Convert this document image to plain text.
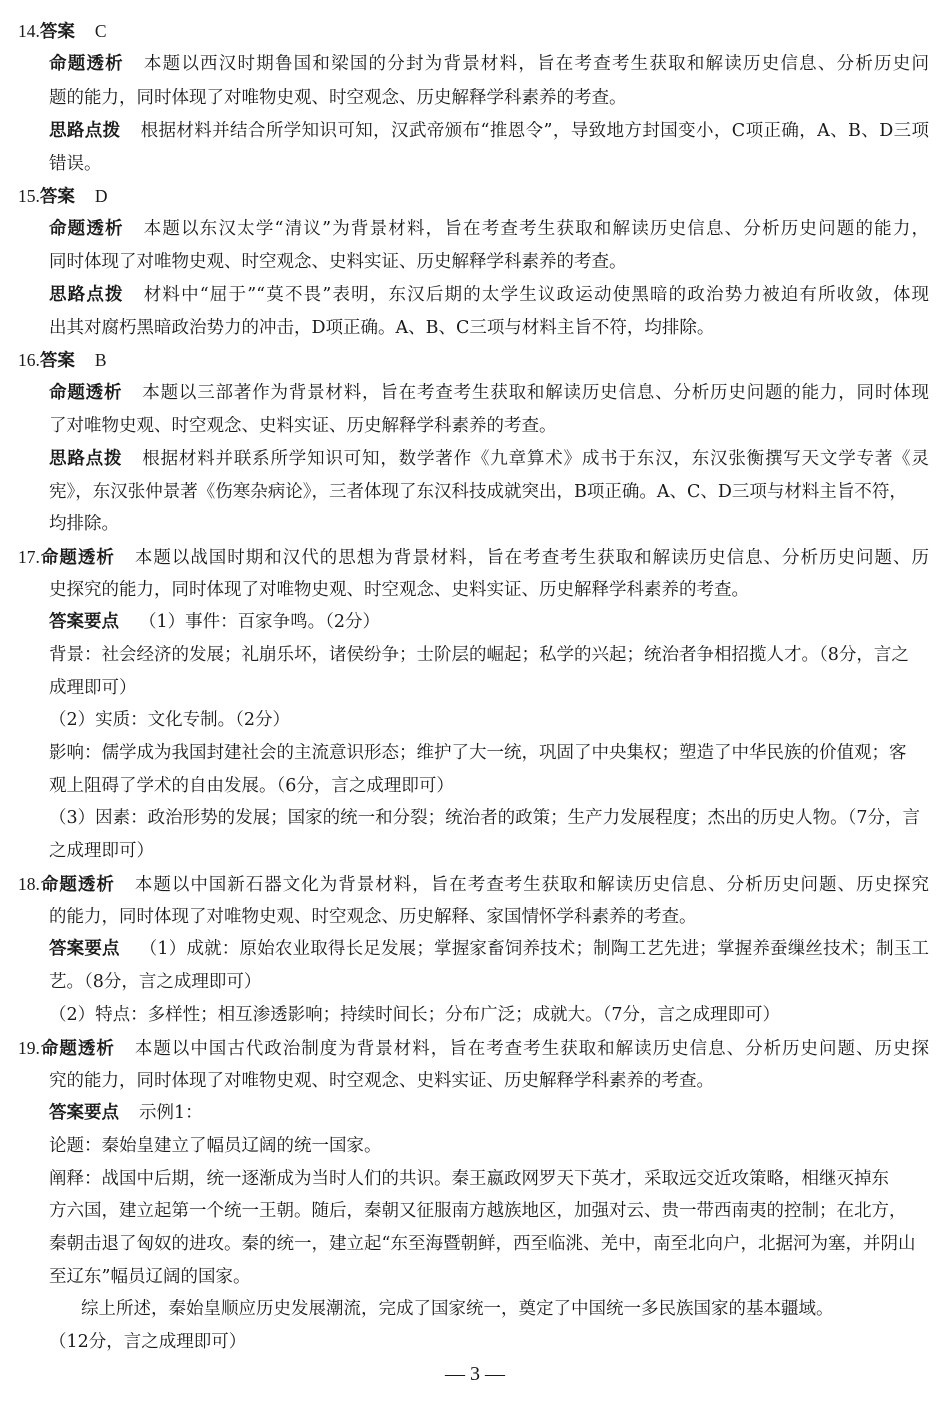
14.答案 C
命题透析 本题以西汉时期鲁国和梁国的分封为背景材料，旨在考查考生获取和解读历史信息、分析历史问
题的能力，同时体现了对唯物史观、时空观念、历史解释学科素养的考查。
思路点拨 根据材料并结合所学知识可知，汉武帝颁布“推恩令”，导致地方封国变小，C项正确，A、B、D三项
错误。
15.答案 D
命题透析 本题以东汉太学“清议”为背景材料，旨在考查考生获取和解读历史信息、分析历史问题的能力，
同时体现了对唯物史观、时空观念、史料实证、历史解释学科素养的考查。
思路点拨 材料中“屈于”“莫不畏”表明，东汉后期的太学生议政运动使黑暗的政治势力被迫有所收敛，体现
出其对腐朽黑暗政治势力的冲击，D项正确。A、B、C三项与材料主旨不符，均排除。
16.答案 B
命题透析 本题以三部著作为背景材料，旨在考查考生获取和解读历史信息、分析历史问题的能力，同时体现
了对唯物史观、时空观念、史料实证、历史解释学科素养的考查。
思路点拨 根据材料并联系所学知识可知，数学著作《九章算术》成书于东汉，东汉张衡撰写天文学专著《灵
宪》，东汉张仲景著《伤寒杂病论》，三者体现了东汉科技成就突出，B项正确。A、C、D三项与材料主旨不符，
均排除。
17.命题透析 本题以战国时期和汉代的思想为背景材料，旨在考查考生获取和解读历史信息、分析历史问题、历
史探究的能力，同时体现了对唯物史观、时空观念、史料实证、历史解释学科素养的考查。
答案要点 （1）事件：百家争鸣。（2分）
背景：社会经济的发展；礼崩乐坏，诸侯纷争；士阶层的崛起；私学的兴起；统治者争相招揽人才。（8分，言之
成理即可）
（2）实质：文化专制。（2分）
影响：儒学成为我国封建社会的主流意识形态；维护了大一统，巩固了中央集权；塑造了中华民族的价值观；客
观上阻碍了学术的自由发展。（6分，言之成理即可）
（3）因素：政治形势的发展；国家的统一和分裂；统治者的政策；生产力发展程度；杰出的历史人物。（7分，言
之成理即可）
18.命题透析 本题以中国新石器文化为背景材料，旨在考查考生获取和解读历史信息、分析历史问题、历史探究
的能力，同时体现了对唯物史观、时空观念、历史解释、家国情怀学科素养的考查。
答案要点 （1）成就：原始农业取得长足发展；掌握家畜饲养技术；制陶工艺先进；掌握养蚕缫丝技术；制玉工
艺。（8分，言之成理即可）
（2）特点：多样性；相互渗透影响；持续时间长；分布广泛；成就大。（7分，言之成理即可）
19.命题透析 本题以中国古代政治制度为背景材料，旨在考查考生获取和解读历史信息、分析历史问题、历史探
究的能力，同时体现了对唯物史观、时空观念、史料实证、历史解释学科素养的考查。
答案要点 示例1：
论题：秦始皇建立了幅员辽阔的统一国家。
阐释：战国中后期，统一逐渐成为当时人们的共识。秦王嬴政网罗天下英才，采取远交近攻策略，相继灭掉东
方六国，建立起第一个统一王朝。随后，秦朝又征服南方越族地区，加强对云、贵一带西南夷的控制；在北方，
秦朝击退了匈奴的进攻。秦的统一，建立起“东至海暨朝鲜，西至临洮、羌中，南至北向户，北据河为塞，并阴山
至辽东”幅员辽阔的国家。
综上所述，秦始皇顺应历史发展潮流，完成了国家统一，奠定了中国统一多民族国家的基本疆域。
（12分，言之成理即可）
— 3 —
